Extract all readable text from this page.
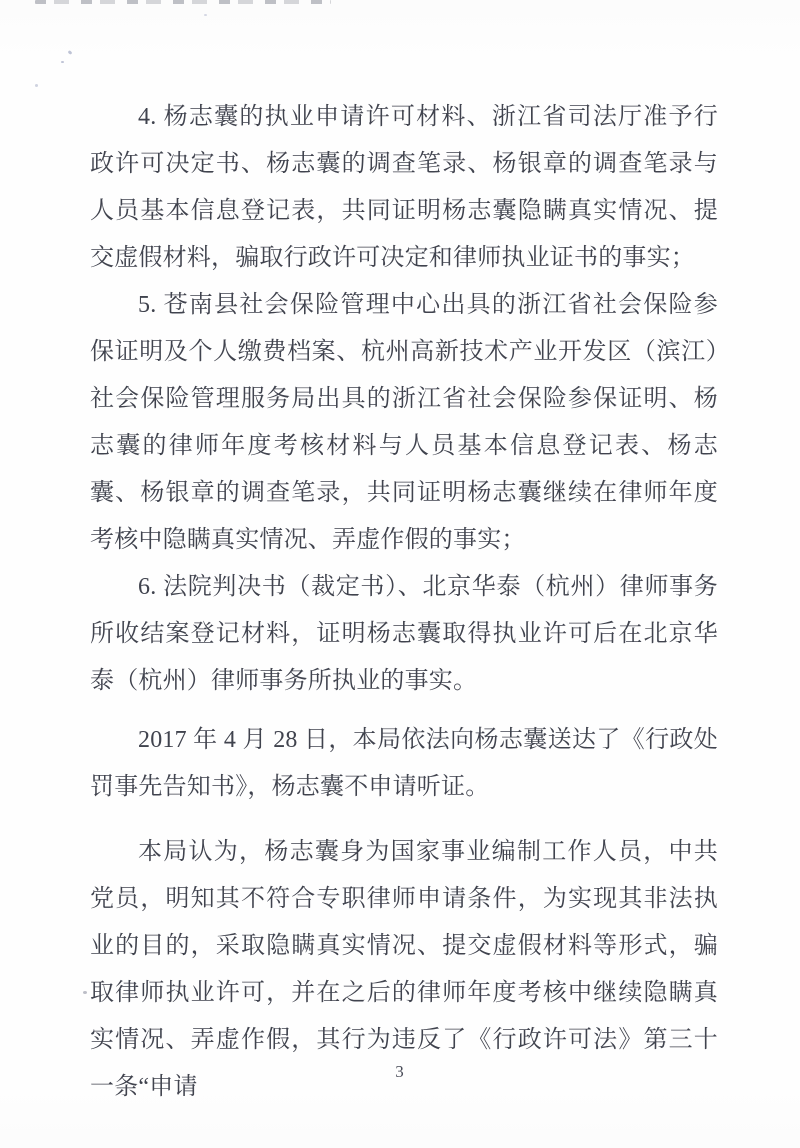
4. 杨志囊的执业申请许可材料、浙江省司法厅准予行政许可决定书、杨志囊的调查笔录、杨银章的调查笔录与人员基本信息登记表，共同证明杨志囊隐瞒真实情况、提交虚假材料，骗取行政许可决定和律师执业证书的事实；

5. 苍南县社会保险管理中心出具的浙江省社会保险参保证明及个人缴费档案、杭州高新技术产业开发区（滨江）社会保险管理服务局出具的浙江省社会保险参保证明、杨志囊的律师年度考核材料与人员基本信息登记表、杨志囊、杨银章的调查笔录，共同证明杨志囊继续在律师年度考核中隐瞒真实情况、弄虚作假的事实；

6. 法院判决书（裁定书）、北京华泰（杭州）律师事务所收结案登记材料，证明杨志囊取得执业许可后在北京华泰（杭州）律师事务所执业的事实。

2017 年 4 月 28 日，本局依法向杨志囊送达了《行政处罚事先告知书》，杨志囊不申请听证。

本局认为，杨志囊身为国家事业编制工作人员，中共党员，明知其不符合专职律师申请条件，为实现其非法执业的目的，采取隐瞒真实情况、提交虚假材料等形式，骗取律师执业许可，并在之后的律师年度考核中继续隐瞒真实情况、弄虚作假，其行为违反了《行政许可法》第三十一条“申请

3
